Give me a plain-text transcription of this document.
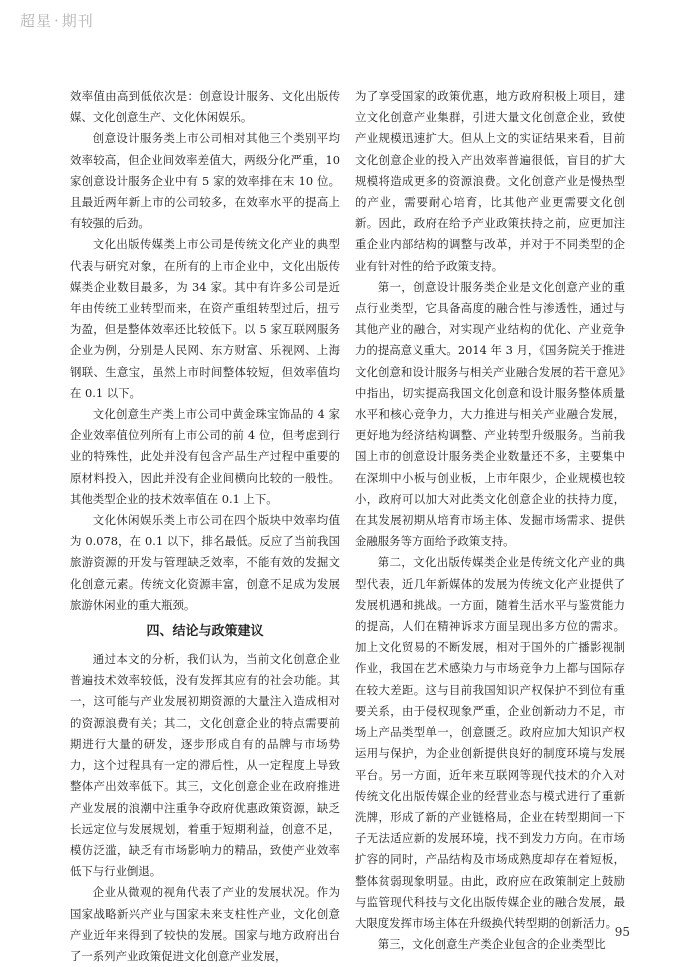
超星 · 期刊

效率值由高到低依次是：创意设计服务、文化出版传媒、文化创意生产、文化休闲娱乐。

创意设计服务类上市公司相对其他三个类别平均效率较高，但企业间效率差值大，两级分化严重，10 家创意设计服务企业中有 5 家的效率排在末 10 位。且最近两年新上市的公司较多，在效率水平的提高上有较强的后劲。

文化出版传媒类上市公司是传统文化产业的典型代表与研究对象，在所有的上市企业中，文化出版传媒类企业数目最多，为 34 家。其中有许多公司是近年由传统工业转型而来，在资产重组转型过后，扭亏为盈，但是整体效率还比较低下。以 5 家互联网服务企业为例，分别是人民网、东方财富、乐视网、上海钢联、生意宝，虽然上市时间整体较短，但效率值均在 0.1 以下。

文化创意生产类上市公司中黄金珠宝饰品的 4 家企业效率值位列所有上市公司的前 4 位，但考虑到行业的特殊性，此处并没有包含产品生产过程中重要的原材料投入，因此并没有企业间横向比较的一般性。其他类型企业的技术效率值在 0.1 上下。

文化休闲娱乐类上市公司在四个版块中效率均值为 0.078，在 0.1 以下，排名最低。反应了当前我国旅游资源的开发与管理缺乏效率，不能有效的发掘文化创意元素。传统文化资源丰富，创意不足成为发展旅游休闲业的重大瓶颈。

四、结论与政策建议

通过本文的分析，我们认为，当前文化创意企业普遍技术效率较低，没有发挥其应有的社会功能。其一，这可能与产业发展初期资源的大量注入造成相对的资源浪费有关；其二，文化创意企业的特点需要前期进行大量的研发，逐步形成自有的品牌与市场势力，这个过程具有一定的滞后性，从一定程度上导致整体产出效率低下。其三，文化创意企业在政府推进产业发展的浪潮中注重争夺政府优惠政策资源，缺乏长远定位与发展规划，着重于短期利益，创意不足，模仿泛滥，缺乏有市场影响力的精品，致使产业效率低下与行业倒退。

企业从微观的视角代表了产业的发展状况。作为国家战略新兴产业与国家未来支柱性产业，文化创意产业近年来得到了较快的发展。国家与地方政府出台了一系列产业政策促进文化创意产业发展，

为了享受国家的政策优惠，地方政府积极上项目，建立文化创意产业集群，引进大量文化创意企业，致使产业规模迅速扩大。但从上文的实证结果来看，目前文化创意企业的投入产出效率普遍很低，盲目的扩大规模将造成更多的资源浪费。文化创意产业是慢热型的产业，需要耐心培育，比其他产业更需要文化创新。因此，政府在给予产业政策扶持之前，应更加注重企业内部结构的调整与改革，并对于不同类型的企业有针对性的给予政策支持。

第一，创意设计服务类企业是文化创意产业的重点行业类型，它具备高度的融合性与渗透性，通过与其他产业的融合，对实现产业结构的优化、产业竞争力的提高意义重大。2014 年 3 月，《国务院关于推进文化创意和设计服务与相关产业融合发展的若干意见》中指出，切实提高我国文化创意和设计服务整体质量水平和核心竞争力，大力推进与相关产业融合发展，更好地为经济结构调整、产业转型升级服务。当前我国上市的创意设计服务类企业数量还不多，主要集中在深圳中小板与创业板，上市年限少，企业规模也较小，政府可以加大对此类文化创意企业的扶持力度，在其发展初期从培育市场主体、发掘市场需求、提供金融服务等方面给予政策支持。

第二，文化出版传媒类企业是传统文化产业的典型代表，近几年新媒体的发展为传统文化产业提供了发展机遇和挑战。一方面，随着生活水平与鉴赏能力的提高，人们在精神诉求方面呈现出多方位的需求。加上文化贸易的不断发展，相对于国外的广播影视制作业，我国在艺术感染力与市场竞争力上都与国际存在较大差距。这与目前我国知识产权保护不到位有重要关系，由于侵权现象严重，企业创新动力不足，市场上产品类型单一，创意匮乏。政府应加大知识产权运用与保护，为企业创新提供良好的制度环境与发展平台。另一方面，近年来互联网等现代技术的介入对传统文化出版传媒企业的经营业态与模式进行了重新洗牌，形成了新的产业链格局，企业在转型期间一下子无法适应新的发展环境，找不到发力方向。在市场扩容的同时，产品结构及市场成熟度却存在着短板，整体贫弱现象明显。由此，政府应在政策制定上鼓励与监管现代科技与文化出版传媒企业的融合发展，最大限度发挥市场主体在升级换代转型期的创新活力。

第三，文化创意生产类企业包含的企业类型比

95
